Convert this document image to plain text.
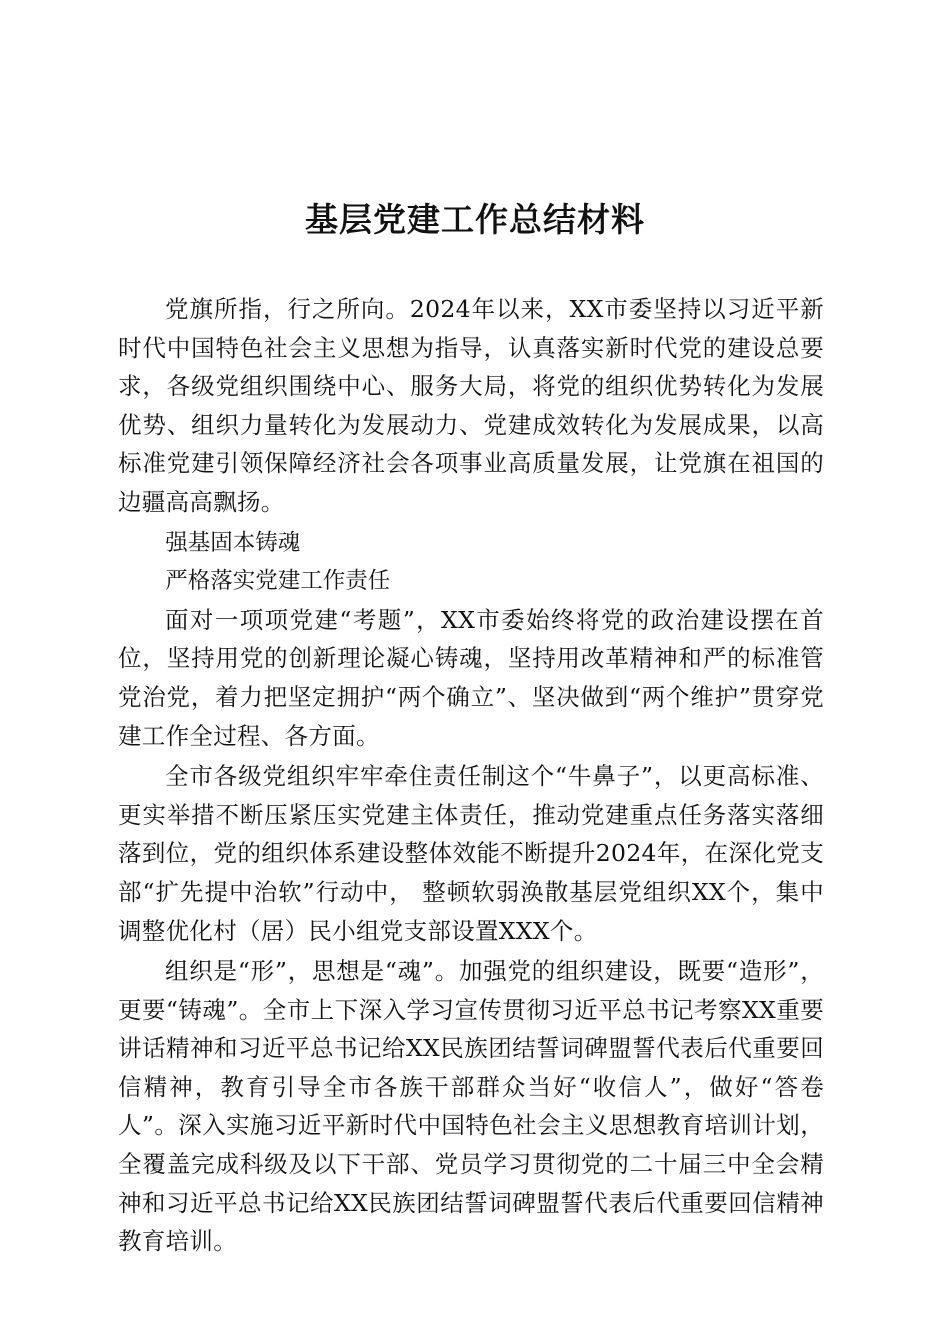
基层党建工作总结材料

党旗所指，行之所向。2024年以来，XX市委坚持以习近平新时代中国特色社会主义思想为指导，认真落实新时代党的建设总要求，各级党组织围绕中心、服务大局，将党的组织优势转化为发展优势、组织力量转化为发展动力、党建成效转化为发展成果，以高标准党建引领保障经济社会各项事业高质量发展，让党旗在祖国的边疆高高飘扬。

强基固本铸魂

严格落实党建工作责任

面对一项项党建“考题”，XX市委始终将党的政治建设摆在首位，坚持用党的创新理论凝心铸魂，坚持用改革精神和严的标准管党治党，着力把坚定拥护“两个确立”、坚决做到“两个维护”贯穿党建工作全过程、各方面。

全市各级党组织牢牢牵住责任制这个“牛鼻子”，以更高标准、更实举措不断压紧压实党建主体责任，推动党建重点任务落实落细落到位，党的组织体系建设整体效能不断提升2024年，在深化党支部“扩先提中治软”行动中， 整顿软弱涣散基层党组织XX个，集中调整优化村（居）民小组党支部设置XXX个。

组织是“形”，思想是“魂”。加强党的组织建设，既要“造形”，更要“铸魂”。全市上下深入学习宣传贯彻习近平总书记考察XX重要讲话精神和习近平总书记给XX民族团结誓词碑盟誓代表后代重要回信精神，教育引导全市各族干部群众当好“收信人”，做好“答卷人”。深入实施习近平新时代中国特色社会主义思想教育培训计划，全覆盖完成科级及以下干部、党员学习贯彻党的二十届三中全会精神和习近平总书记给XX民族团结誓词碑盟誓代表后代重要回信精神教育培训。
